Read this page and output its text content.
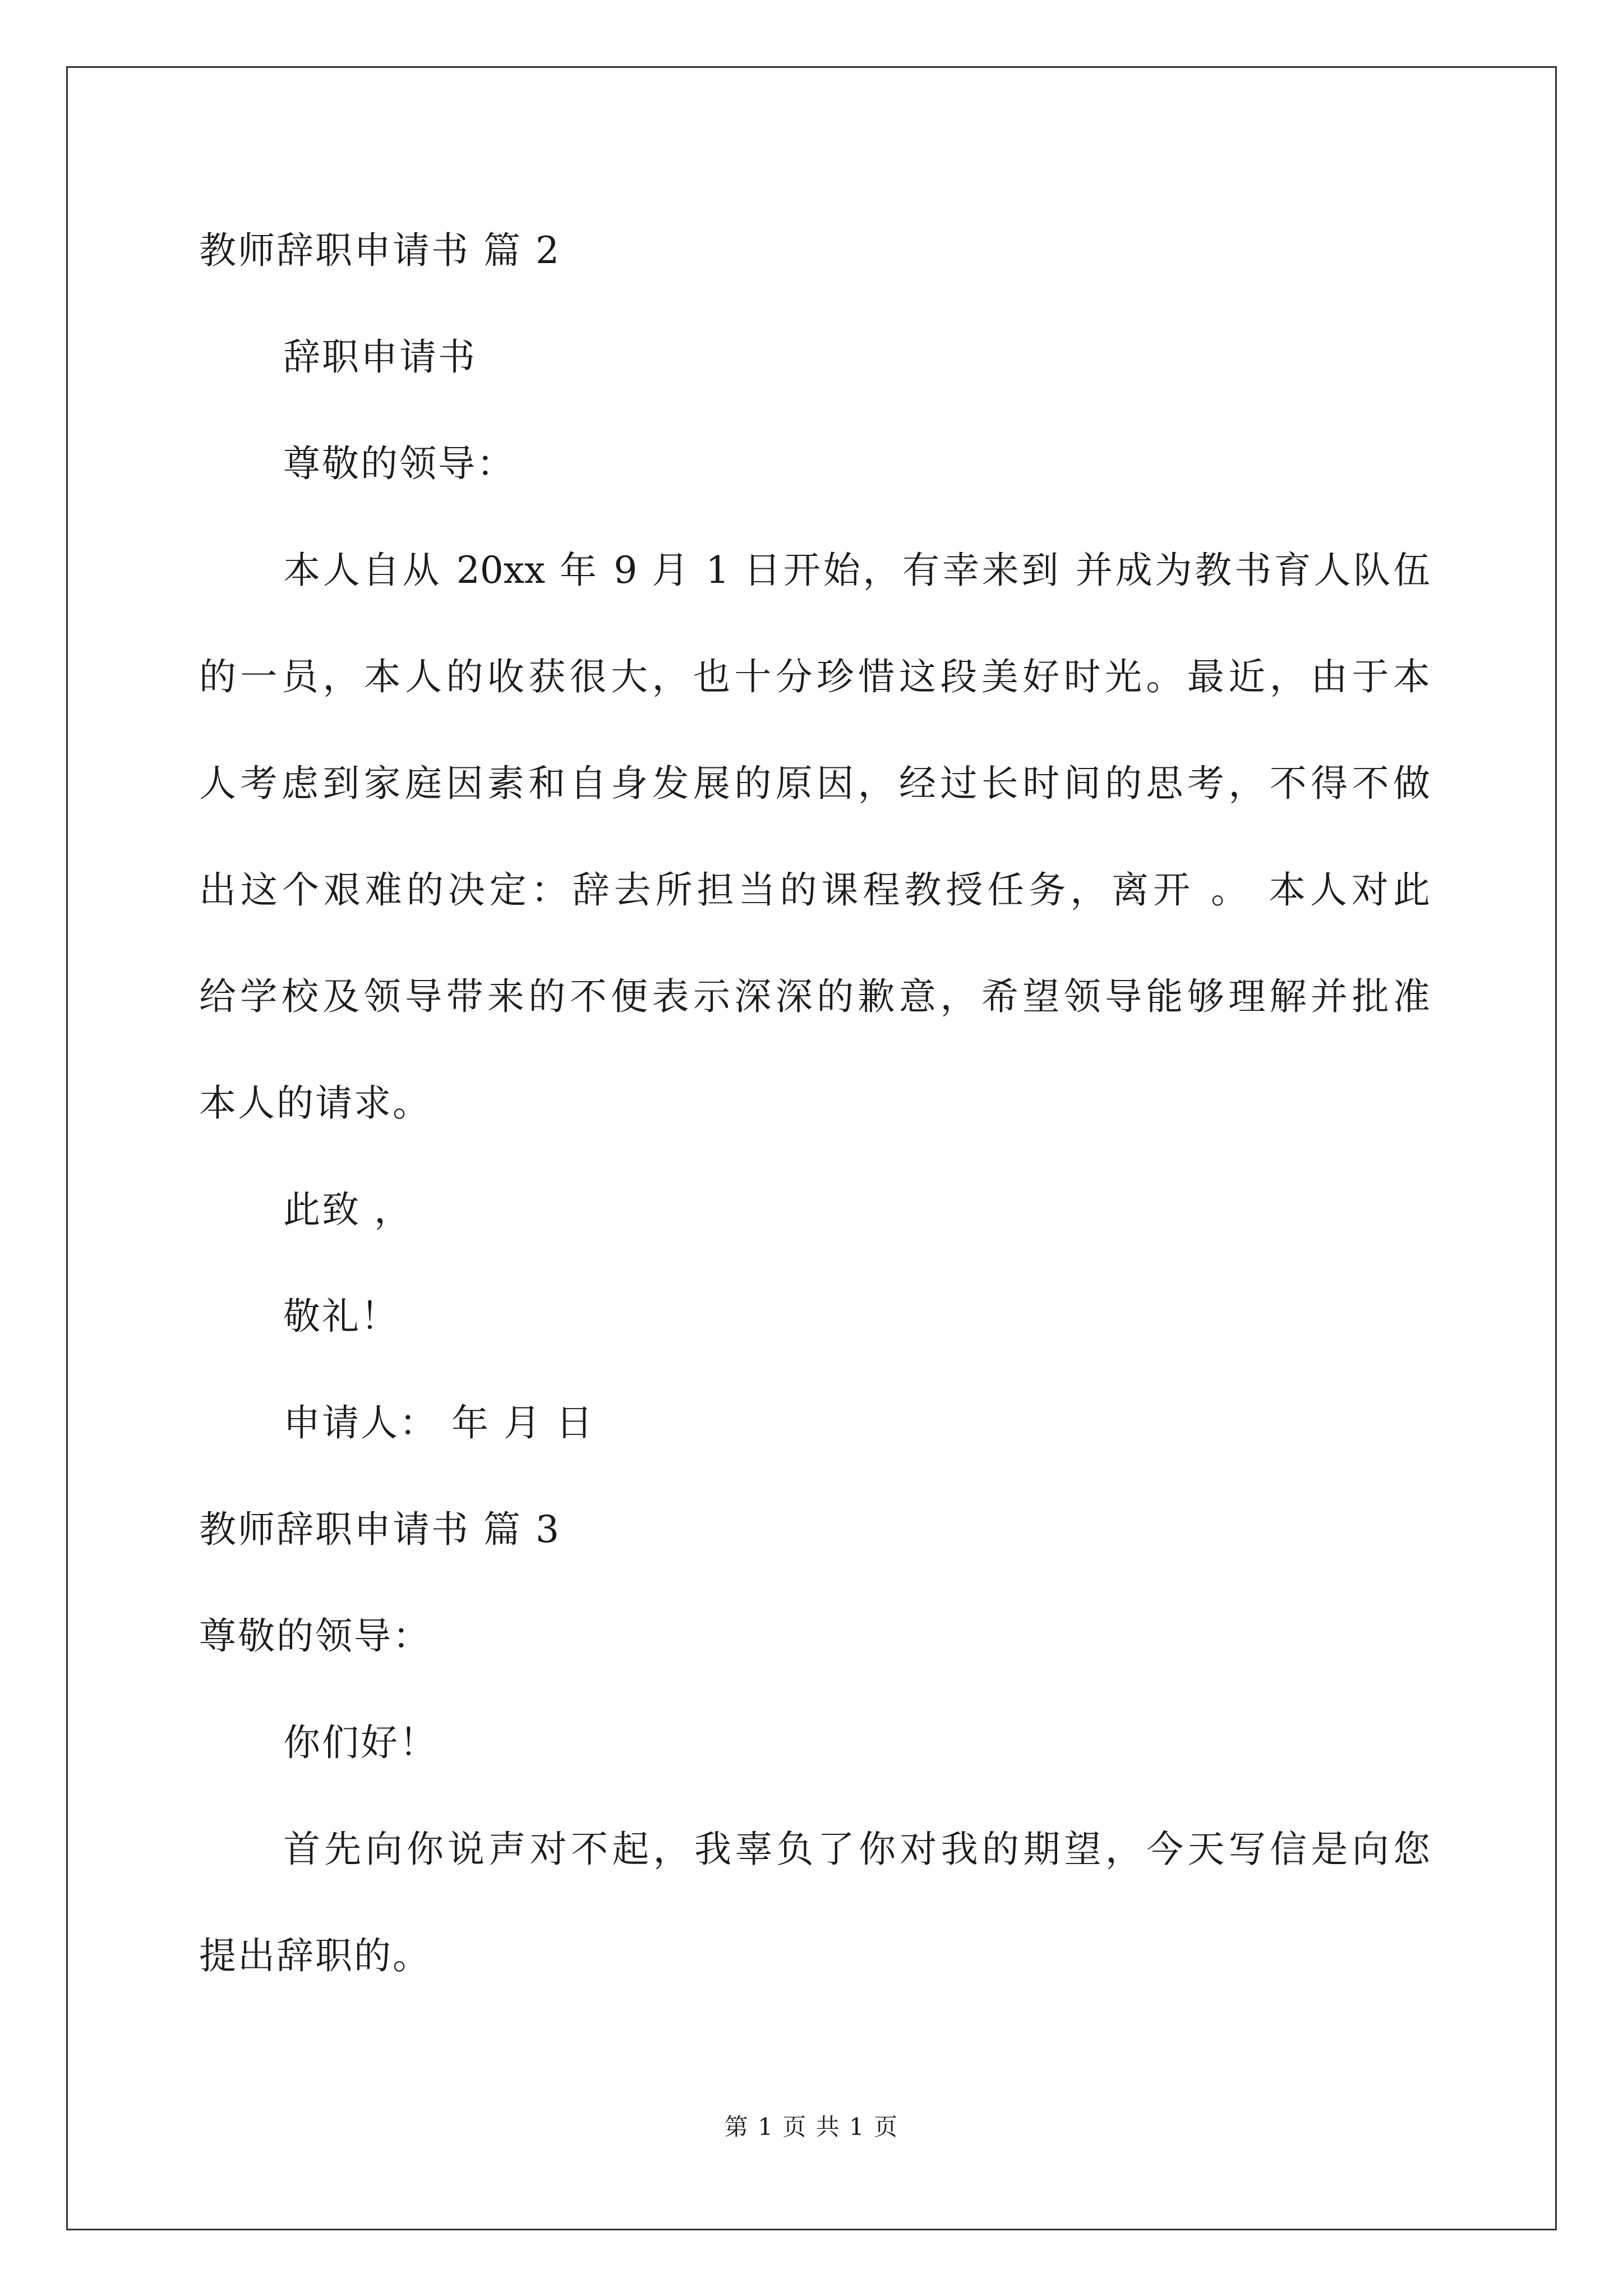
教师辞职申请书 篇 2

辞职申请书

尊敬的领导：

本人自从 20xx 年 9 月 1 日开始，有幸来到 并成为教书育人队伍

的一员，本人的收获很大，也十分珍惜这段美好时光。最近，由于本

人考虑到家庭因素和自身发展的原因，经过长时间的思考，不得不做

出这个艰难的决定：辞去所担当的课程教授任务，离开 。 本人对此

给学校及领导带来的不便表示深深的歉意，希望领导能够理解并批准

本人的请求。

此致 ，

敬礼！

申请人： 年 月 日

教师辞职申请书 篇 3

尊敬的领导：

你们好！

首先向你说声对不起，我辜负了你对我的期望，今天写信是向您

提出辞职的。

第 1 页 共 1 页
